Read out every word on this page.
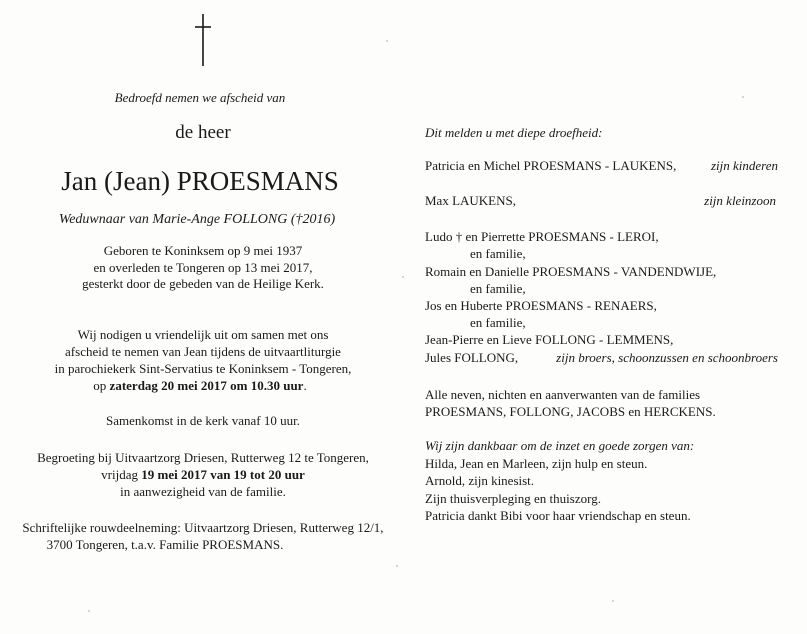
Bedroefd nemen we afscheid van
de heer
Jan (Jean) PROESMANS
Weduwnaar van Marie-Ange FOLLONG (†2016)
Geboren te Koninksem op 9 mei 1937
en overleden te Tongeren op 13 mei 2017,
gesterkt door de gebeden van de Heilige Kerk.
Wij nodigen u vriendelijk uit om samen met ons
afscheid te nemen van Jean tijdens de uitvaartliturgie
in parochiekerk Sint-Servatius te Koninksem - Tongeren,
op zaterdag 20 mei 2017 om 10.30 uur.
Samenkomst in de kerk vanaf 10 uur.
Begroeting bij Uitvaartzorg Driesen, Rutterweg 12 te Tongeren,
vrijdag 19 mei 2017 van 19 tot 20 uur
in aanwezigheid van de familie.
Schriftelijke rouwdeelneming: Uitvaartzorg Driesen, Rutterweg 12/1,
3700 Tongeren, t.a.v. Familie PROESMANS.
Dit melden u met diepe droefheid:
Patricia en Michel PROESMANS - LAUKENS,	zijn kinderen
Max LAUKENS,	zijn kleinzoon
Ludo † en Pierrette PROESMANS - LEROI,
en familie,
Romain en Danielle PROESMANS - VANDENDWIJE,
en familie,
Jos en Huberte PROESMANS - RENAERS,
en familie,
Jean-Pierre en Lieve FOLLONG - LEMMENS,
Jules FOLLONG,	zijn broers, schoonzussen en schoonbroers
Alle neven, nichten en aanverwanten van de families
PROESMANS, FOLLONG, JACOBS en HERCKENS.
Wij zijn dankbaar om de inzet en goede zorgen van:
Hilda, Jean en Marleen, zijn hulp en steun.
Arnold, zijn kinesist.
Zijn thuisverpleging en thuiszorg.
Patricia dankt Bibi voor haar vriendschap en steun.
